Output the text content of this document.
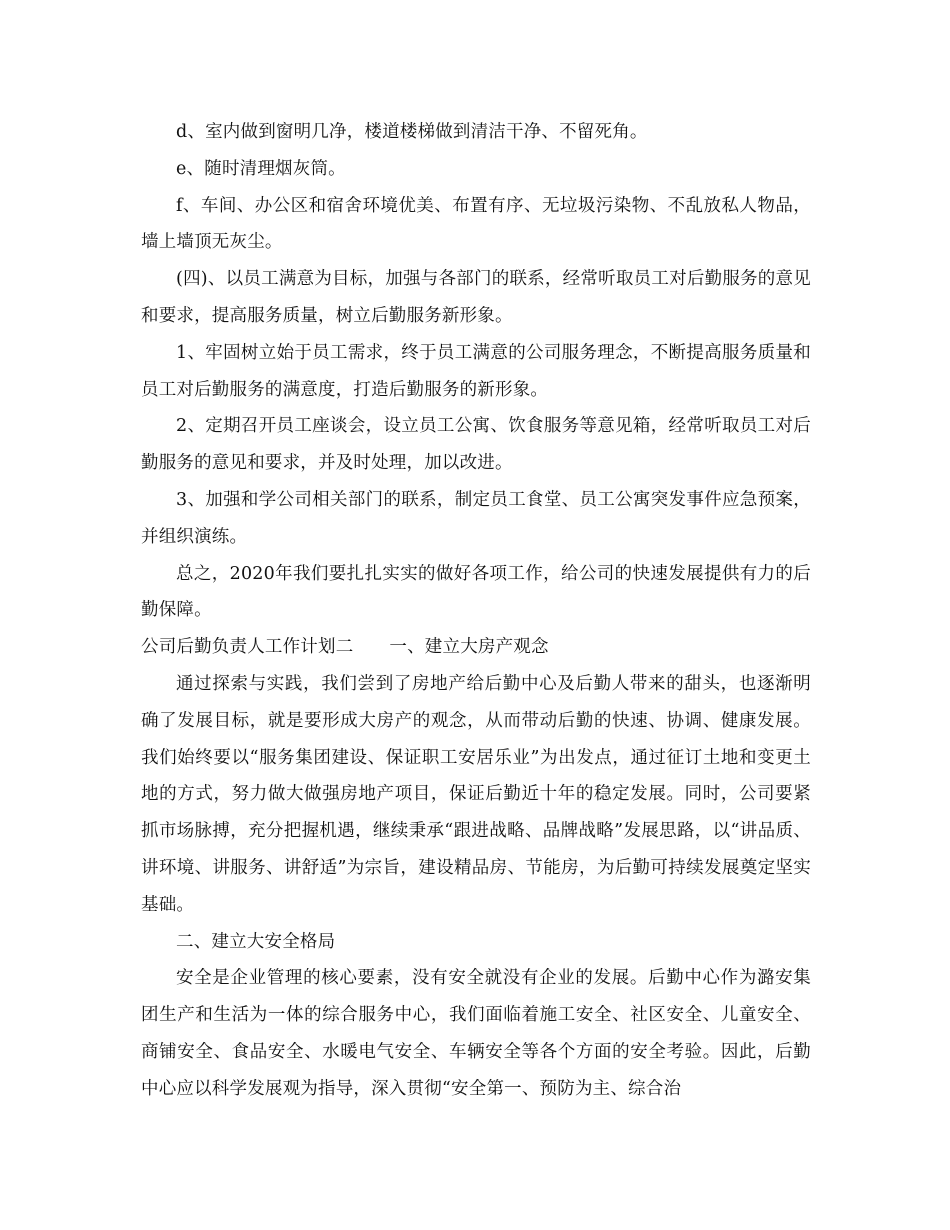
d、室内做到窗明几净，楼道楼梯做到清洁干净、不留死角。

e、随时清理烟灰筒。

f、车间、办公区和宿舍环境优美、布置有序、无垃圾污染物、不乱放私人物品，墙上墙顶无灰尘。

(四)、以员工满意为目标，加强与各部门的联系，经常听取员工对后勤服务的意见和要求，提高服务质量，树立后勤服务新形象。

1、牢固树立始于员工需求，终于员工满意的公司服务理念，不断提高服务质量和员工对后勤服务的满意度，打造后勤服务的新形象。

2、定期召开员工座谈会，设立员工公寓、饮食服务等意见箱，经常听取员工对后勤服务的意见和要求，并及时处理，加以改进。

3、加强和学公司相关部门的联系，制定员工食堂、员工公寓突发事件应急预案，并组织演练。

总之，2020年我们要扎扎实实的做好各项工作，给公司的快速发展提供有力的后勤保障。

公司后勤负责人工作计划二 一、建立大房产观念

通过探索与实践，我们尝到了房地产给后勤中心及后勤人带来的甜头，也逐渐明确了发展目标，就是要形成大房产的观念，从而带动后勤的快速、协调、健康发展。我们始终要以“服务集团建设、保证职工安居乐业”为出发点，通过征订土地和变更土地的方式，努力做大做强房地产项目，保证后勤近十年的稳定发展。同时，公司要紧抓市场脉搏，充分把握机遇，继续秉承“跟进战略、品牌战略”发展思路，以“讲品质、讲环境、讲服务、讲舒适”为宗旨，建设精品房、节能房，为后勤可持续发展奠定坚实基础。

二、建立大安全格局

安全是企业管理的核心要素，没有安全就没有企业的发展。后勤中心作为潞安集团生产和生活为一体的综合服务中心，我们面临着施工安全、社区安全、儿童安全、商铺安全、食品安全、水暖电气安全、车辆安全等各个方面的安全考验。因此，后勤中心应以科学发展观为指导，深入贯彻“安全第一、预防为主、综合治
